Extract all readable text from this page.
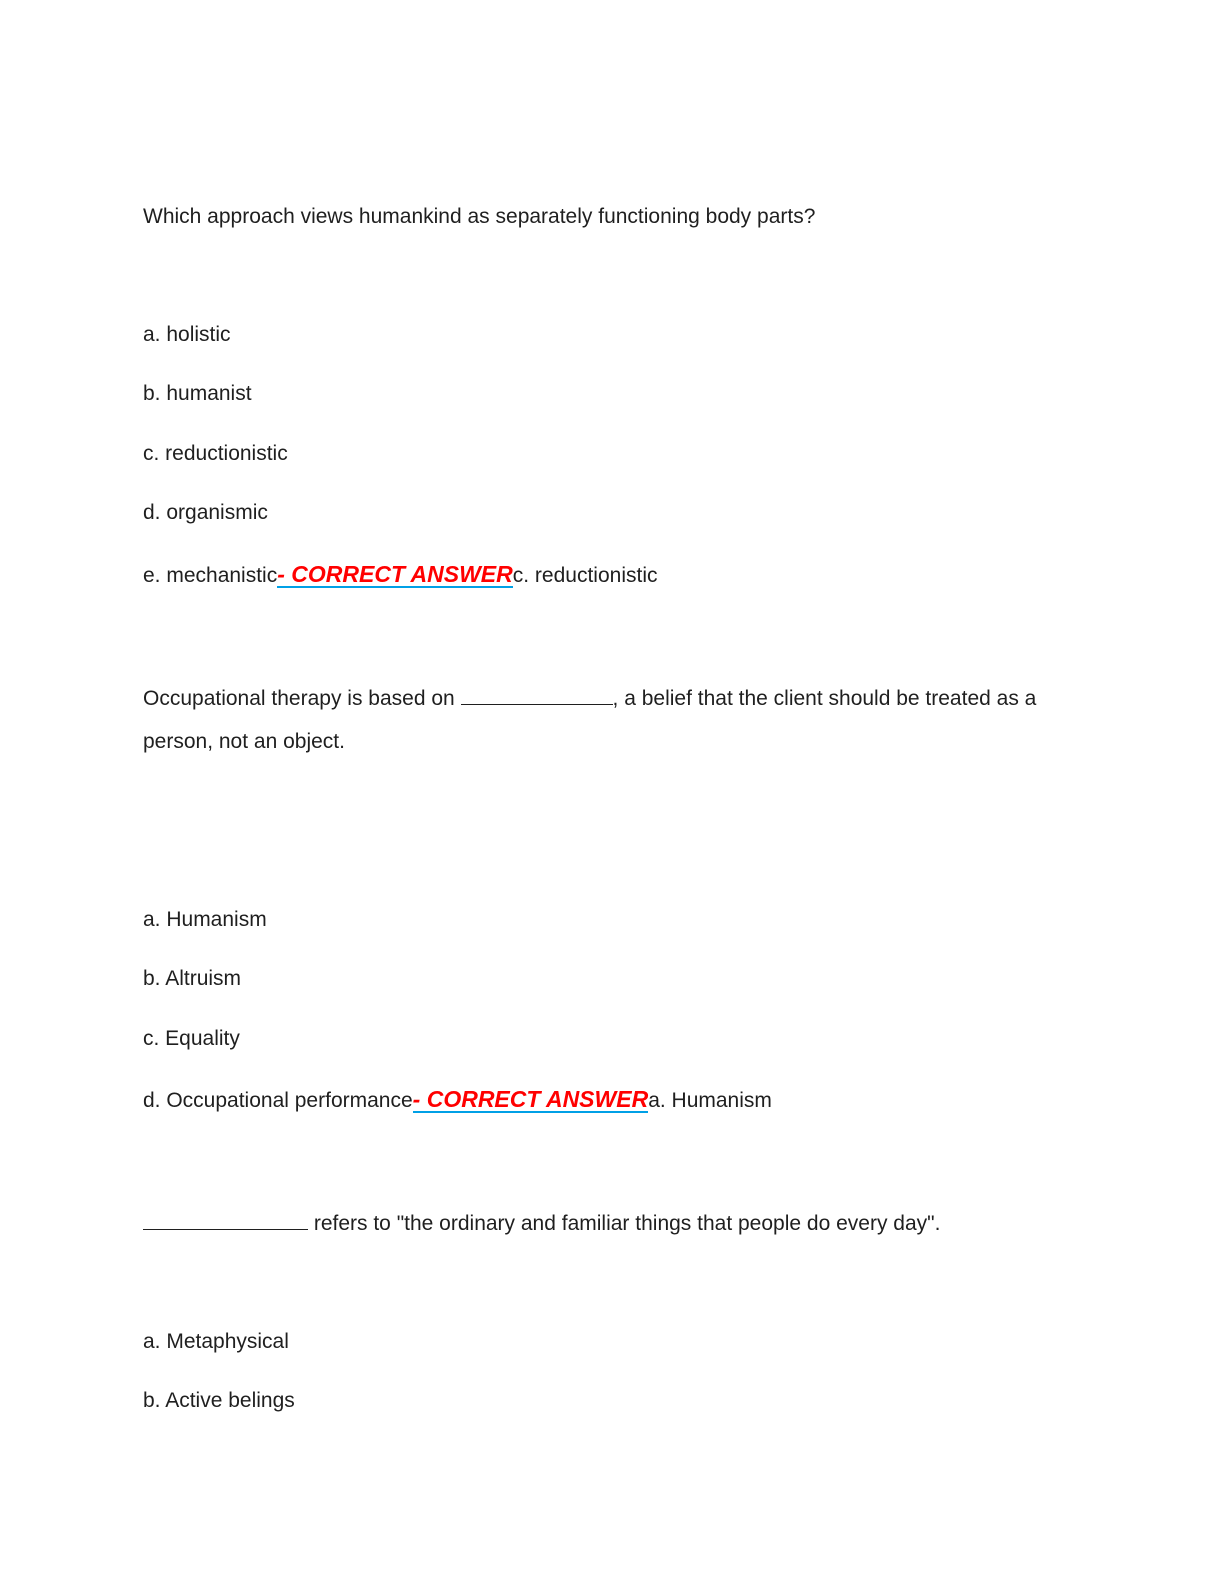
Which approach views humankind as separately functioning body parts?
a. holistic
b. humanist
c. reductionistic
d. organismic
e. mechanistic- CORRECT ANSWERc. reductionistic
Occupational therapy is based on	, a belief that the client should be treated as a
person, not an object.
a. Humanism
b. Altruism
c. Equality
d. Occupational performance- CORRECT ANSWERa. Humanism
refers to "the ordinary and familiar things that people do every day".
a. Metaphysical
b. Active belings
